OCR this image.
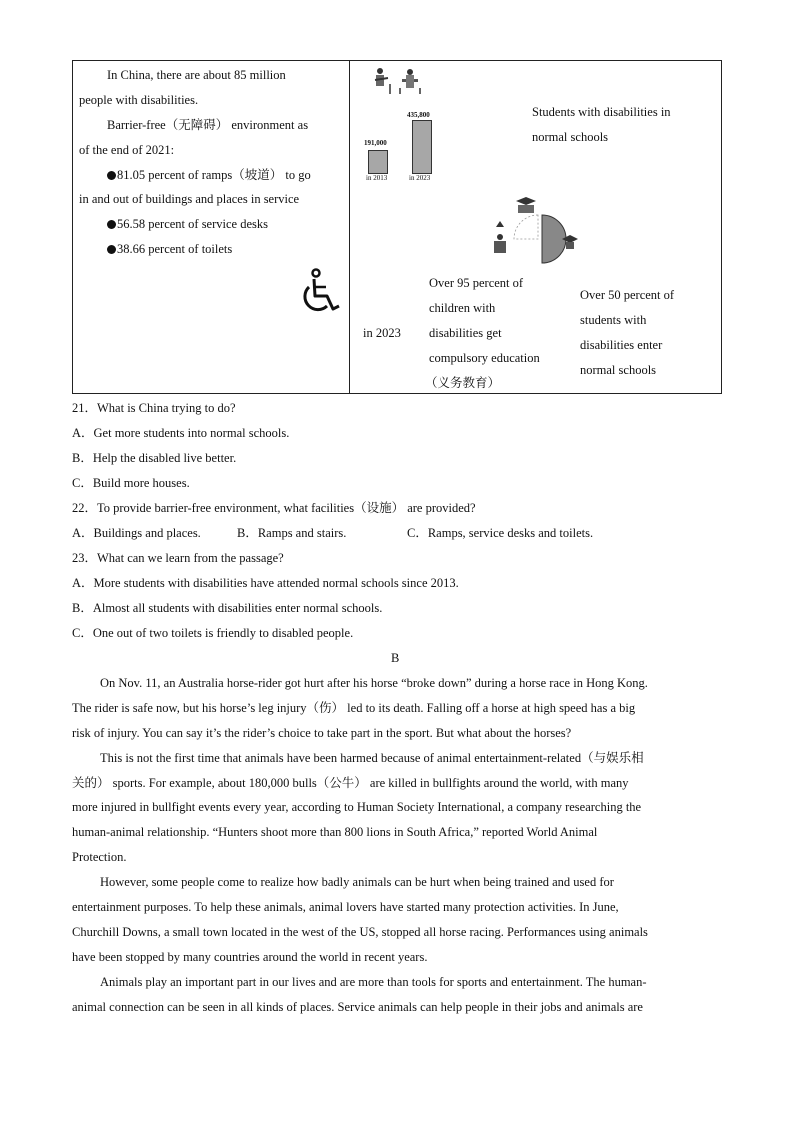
In China, there are about 85 million
people with disabilities.
Barrier-free（无障碍） environment as
of the end of 2021:
81.05 percent of ramps（坡道） to go
in and out of buildings and places in service
56.58 percent of service desks
38.66 percent of toilets
435,800
191,000
in 2013	in 2023
Students with disabilities in
normal schools
in 2023
Over 95 percent of
children with
disabilities get
compulsory education
（义务教育）
Over 50 percent of
students with
disabilities enter
normal schools
21．What is China trying to do?
A．Get more students into normal schools.
B．Help the disabled live better.
C．Build more houses.
22．To provide barrier-free environment, what facilities（设施） are provided?
A．Buildings and places.	B．Ramps and stairs.	C．Ramps, service desks and toilets.
23．What can we learn from the passage?
A．More students with disabilities have attended normal schools since 2013.
B．Almost all students with disabilities enter normal schools.
C．One out of two toilets is friendly to disabled people.
B
On Nov. 11, an Australia horse-rider got hurt after his horse “broke down” during a horse race in Hong Kong.
The rider is safe now, but his horse’s leg injury（伤） led to its death. Falling off a horse at high speed has a big
risk of injury. You can say it’s the rider’s choice to take part in the sport. But what about the horses?
This is not the first time that animals have been harmed because of animal entertainment-related（与娱乐相
关的） sports. For example, about 180,000 bulls（公牛） are killed in bullfights around the world, with many
more injured in bullfight events every year, according to Human Society International, a company researching the
human-animal relationship. “Hunters shoot more than 800 lions in South Africa,” reported World Animal
Protection.
However, some people come to realize how badly animals can be hurt when being trained and used for
entertainment purposes. To help these animals, animal lovers have started many protection activities. In June,
Churchill Downs, a small town located in the west of the US, stopped all horse racing. Performances using animals
have been stopped by many countries around the world in recent years.
Animals play an important part in our lives and are more than tools for sports and entertainment. The human-
animal connection can be seen in all kinds of places. Service animals can help people in their jobs and animals are
